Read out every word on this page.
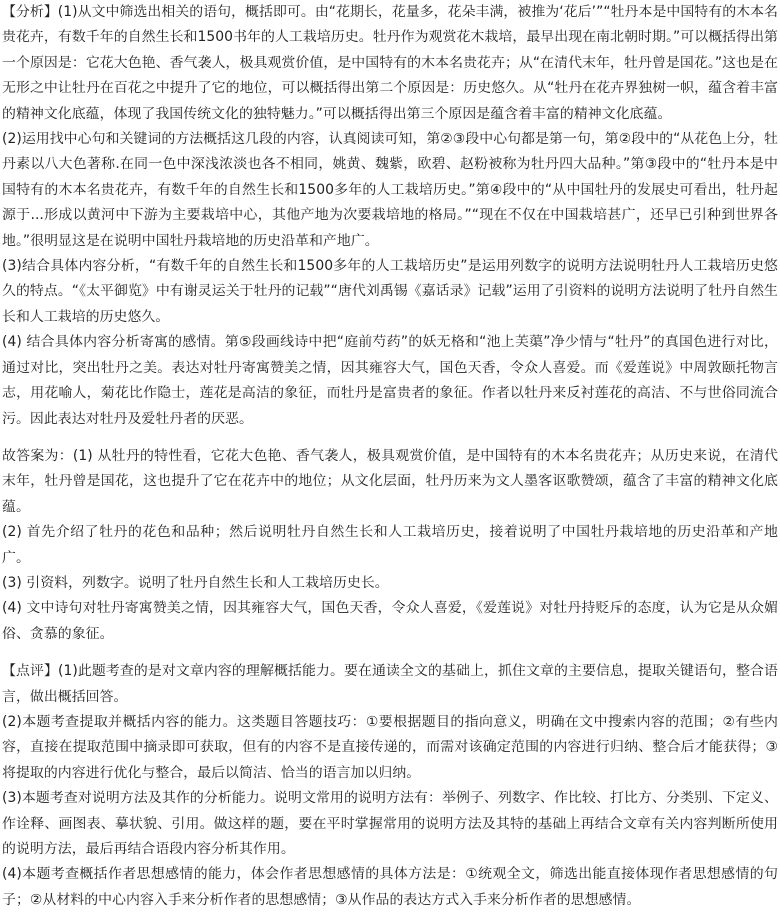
【分析】(1)从文中筛选出相关的语句，概括即可。由“花期长，花量多，花朵丰满，被推为‘花后’”“牡丹本是中国特有的木本名贵花卉，有数千年的自然生长和1500书年的人工栽培历史。牡丹作为观赏花木栽培，最早出现在南北朝时期。”可以概括得出第一个原因是：它花大色艳、香气袭人，极具观赏价值，是中国特有的木本名贵花卉；从“在清代末年，牡丹曾是国花。”这也是在无形之中让牡丹在百花之中提升了它的地位，可以概括得出第二个原因是：历史悠久。从“牡丹在花卉界独树一帜，蕴含着丰富的精神文化底蕴，体现了我国传统文化的独特魅力。”可以概括得出第三个原因是蕴含着丰富的精神文化底蕴。

(2)运用找中心句和关键词的方法概括这几段的内容，认真阅读可知，第②③段中心句都是第一句，第②段中的“从花色上分，牡丹素以八大色著称.在同一色中深浅浓淡也各不相同，姚黄、魏紫，欧碧、赵粉被称为牡丹四大品种。”第③段中的“牡丹本是中国特有的木本名贵花卉，有数千年的自然生长和1500多年的人工栽培历史。”第④段中的“从中国牡丹的发展史可看出，牡丹起源于...形成以黄河中下游为主要栽培中心，其他产地为次要栽培地的格局。”“现在不仅在中国栽培甚广，还早已引种到世界各地。”很明显这是在说明中国牡丹栽培地的历史沿革和产地广。

(3)结合具体内容分析，“有数千年的自然生长和1500多年的人工栽培历史”是运用列数字的说明方法说明牡丹人工栽培历史悠久的特点。“《太平御览》中有谢灵运关于牡丹的记载”“唐代刘禹锡《嘉话录》记载”运用了引资料的说明方法说明了牡丹自然生长和人工栽培的历史悠久。

(4) 结合具体内容分析寄寓的感情。第⑤段画线诗中把“庭前芍药”的妖无格和“池上芙蕖”净少情与“牡丹”的真国色进行对比，通过对比，突出牡丹之美。表达对牡丹寄寓赞美之情，因其雍容大气，国色天香，令众人喜爱。而《爱莲说》中周敦颐托物言志，用花喻人，菊花比作隐士，莲花是高洁的象征，而牡丹是富贵者的象征。作者以牡丹来反衬莲花的高洁、不与世俗同流合污。因此表达对牡丹及爱牡丹者的厌恶。

故答案为：(1) 从牡丹的特性看，它花大色艳、香气袭人，极具观赏价值，是中国特有的木本名贵花卉；从历史来说，在清代末年，牡丹曾是国花，这也提升了它在花卉中的地位；从文化层面，牡丹历来为文人墨客讴歌赞颂，蕴含了丰富的精神文化底蕴。

(2) 首先介绍了牡丹的花色和品种；然后说明牡丹自然生长和人工栽培历史，接着说明了中国牡丹栽培地的历史沿革和产地广。

(3) 引资料，列数字。说明了牡丹自然生长和人工栽培历史长。

(4) 文中诗句对牡丹寄寓赞美之情，因其雍容大气，国色天香，令众人喜爱，《爱莲说》对牡丹持贬斥的态度，认为它是从众媚俗、贪慕的象征。

【点评】(1)此题考查的是对文章内容的理解概括能力。要在通读全文的基础上，抓住文章的主要信息，提取关键语句，整合语言，做出概括回答。

(2)本题考查提取并概括内容的能力。这类题目答题技巧：①要根据题目的指向意义，明确在文中搜索内容的范围；②有些内容，直接在提取范围中摘录即可获取，但有的内容不是直接传递的，而需对该确定范围的内容进行归纳、整合后才能获得；③将提取的内容进行优化与整合，最后以简洁、恰当的语言加以归纳。

(3)本题考查对说明方法及其作的分析能力。说明文常用的说明方法有：举例子、列数字、作比较、打比方、分类别、下定义、作诠释、画图表、摹状貌、引用。做这样的题，要在平时掌握常用的说明方法及其特的基础上再结合文章有关内容判断所使用的说明方法，最后再结合语段内容分析其作用。

(4)本题考查概括作者思想感情的能力，体会作者思想感情的具体方法是：①统观全文，筛选出能直接体现作者思想感情的句子；②从材料的中心内容入手来分析作者的思想感情；③从作品的表达方式入手来分析作者的思想感情。
